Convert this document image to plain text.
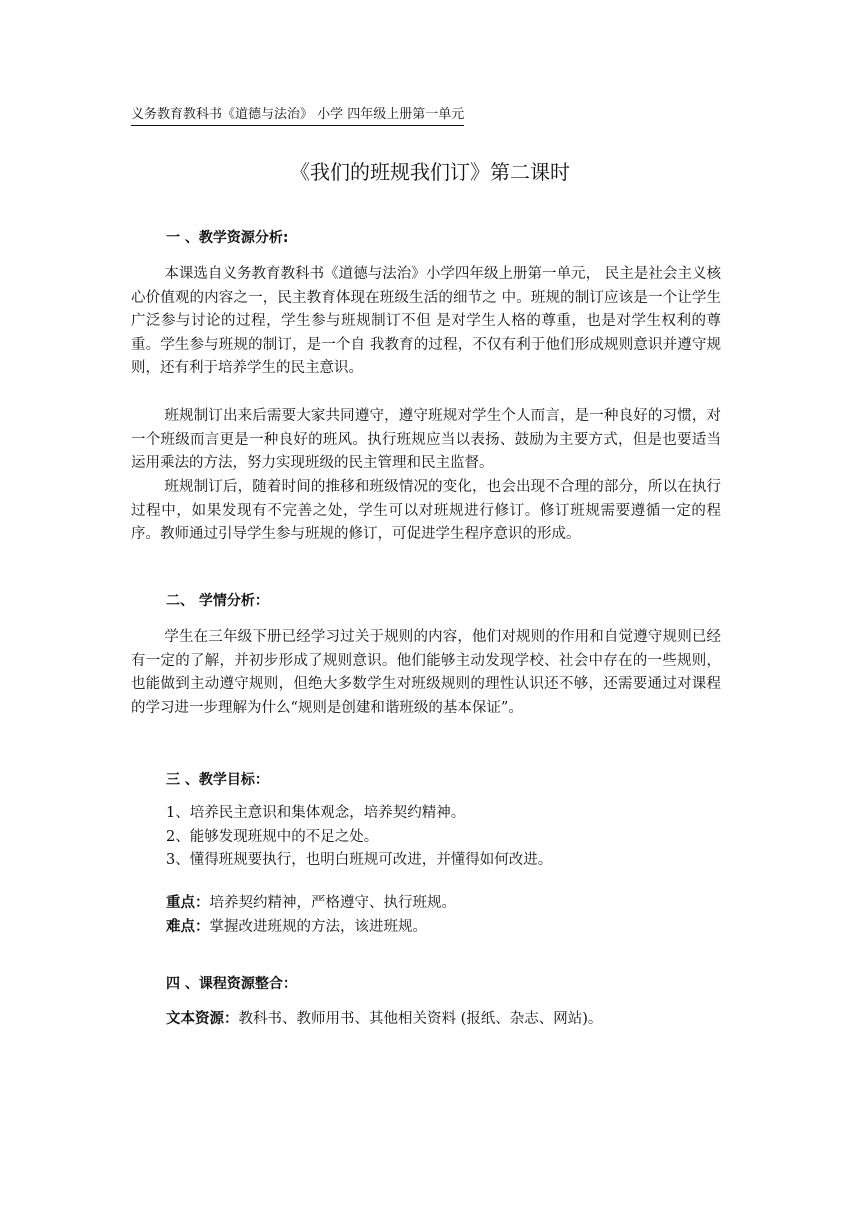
义务教育教科书《道德与法治》 小学 四年级上册第一单元
《我们的班规我们订》第二课时
一 、教学资源分析:

本课选自义务教育教科书《道德与法治》小学四年级上册第一单元， 民主是社会主义核心价值观的内容之一，民主教育体现在班级生活的细节之 中。班规的制订应该是一个让学生广泛参与讨论的过程，学生参与班规制订不但 是对学生人格的尊重，也是对学生权利的尊重。学生参与班规的制订，是一个自 我教育的过程，不仅有利于他们形成规则意识并遵守规则，还有利于培养学生的民主意识。

班规制订出来后需要大家共同遵守，遵守班规对学生个人而言，是一种良好的习惯，对一个班级而言更是一种良好的班风。执行班规应当以表扬、鼓励为主要方式，但是也要适当运用乘法的方法，努力实现班级的民主管理和民主监督。

班规制订后，随着时间的推移和班级情况的变化，也会出现不合理的部分，所以在执行过程中，如果发现有不完善之处，学生可以对班规进行修订。修订班规需要遵循一定的程序。教师通过引导学生参与班规的修订，可促进学生程序意识的形成。

二、 学情分析：

学生在三年级下册已经学习过关于规则的内容，他们对规则的作用和自觉遵守规则已经有一定的了解，并初步形成了规则意识。他们能够主动发现学校、社会中存在的一些规则，也能做到主动遵守规则，但绝大多数学生对班级规则的理性认识还不够，还需要通过对课程的学习进一步理解为什么“规则是创建和谐班级的基本保证”。

三 、教学目标：
1、培养民主意识和集体观念，培养契约精神。
2、能够发现班规中的不足之处。
3、懂得班规要执行，也明白班规可改进，并懂得如何改进。
重点：培养契约精神，严格遵守、执行班规。
难点：掌握改进班规的方法，该进班规。
四 、课程资源整合：
文本资源：教科书、教师用书、其他相关资料 (报纸、杂志、网站)。
